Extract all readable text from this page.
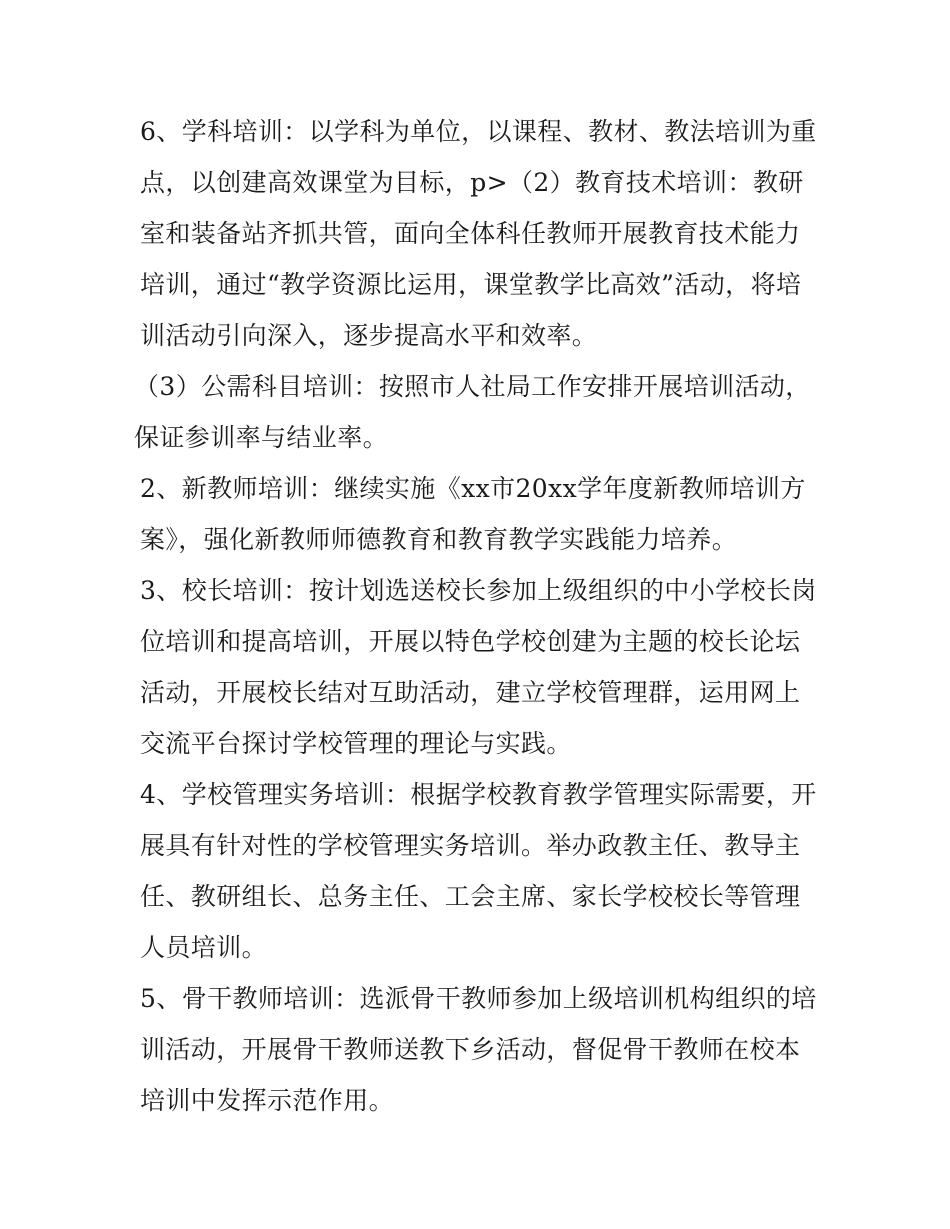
6、学科培训：以学科为单位，以课程、教材、教法培训为重点，以创建高效课堂为目标，p>（2）教育技术培训：教研室和装备站齐抓共管，面向全体科任教师开展教育技术能力培训，通过“教学资源比运用，课堂教学比高效”活动，将培训活动引向深入，逐步提高水平和效率。

（3）公需科目培训：按照市人社局工作安排开展培训活动，保证参训率与结业率。

2、新教师培训：继续实施《xx市20xx学年度新教师培训方案》，强化新教师师德教育和教育教学实践能力培养。

3、校长培训：按计划选送校长参加上级组织的中小学校长岗位培训和提高培训，开展以特色学校创建为主题的校长论坛活动，开展校长结对互助活动，建立学校管理群，运用网上交流平台探讨学校管理的理论与实践。

4、学校管理实务培训：根据学校教育教学管理实际需要，开展具有针对性的学校管理实务培训。举办政教主任、教导主任、教研组长、总务主任、工会主席、家长学校校长等管理人员培训。

5、骨干教师培训：选派骨干教师参加上级培训机构组织的培训活动，开展骨干教师送教下乡活动，督促骨干教师在校本培训中发挥示范作用。
